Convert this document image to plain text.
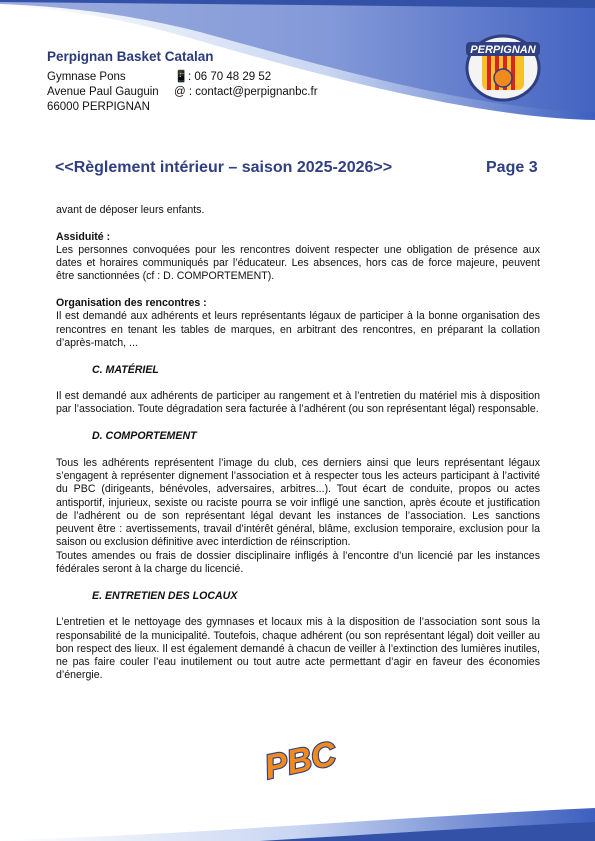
Perpignan Basket Catalan
Gymnase Pons	📱: 06 70 48 29 52
Avenue Paul Gauguin	@ : contact@perpignanbc.fr
66000 PERPIGNAN
PERPIGNAN
<<Règlement intérieur – saison 2025-2026>>	Page 3

avant de déposer leurs enfants.

Assiduité :

Les personnes convoquées pour les rencontres doivent respecter une obligation de présence aux dates et horaires communiqués par l’éducateur. Les absences, hors cas de force majeure, peuvent être sanctionnées (cf : D. COMPORTEMENT).

Organisation des rencontres :

Il est demandé aux adhérents et leurs représentants légaux de participer à la bonne organisation des rencontres en tenant les tables de marques, en arbitrant des rencontres, en préparant la collation d’après-match, ...

C. MATÉRIEL

Il est demandé aux adhérents de participer au rangement et à l’entretien du matériel mis à disposition par l’association. Toute dégradation sera facturée à l’adhérent (ou son représentant légal) responsable.

D. COMPORTEMENT

Tous les adhérents représentent l’image du club, ces derniers ainsi que leurs représentant légaux s’engagent à représenter dignement l’association et à respecter tous les acteurs participant à l’activité du PBC (dirigeants, bénévoles, adversaires, arbitres...). Tout écart de conduite, propos ou actes antisportif, injurieux, sexiste ou raciste pourra se voir infligé une sanction, après écoute et justification de l’adhérent ou de son représentant légal devant les instances de l’association. Les sanctions peuvent être : avertissements, travail d’intérêt général, blâme, exclusion temporaire, exclusion pour la saison ou exclusion définitive avec interdiction de réinscription.

Toutes amendes ou frais de dossier disciplinaire infligés à l’encontre d’un licencié par les instances fédérales seront à la charge du licencié.

E. ENTRETIEN DES LOCAUX

L’entretien et le nettoyage des gymnases et locaux mis à la disposition de l’association sont sous la responsabilité de la municipalité. Toutefois, chaque adhérent (ou son représentant légal) doit veiller au bon respect des lieux. Il est également demandé à chacun de veiller à l’extinction des lumières inutiles, ne pas faire couler l’eau inutilement ou tout autre acte permettant d’agir en faveur des économies d’énergie.

PBC
